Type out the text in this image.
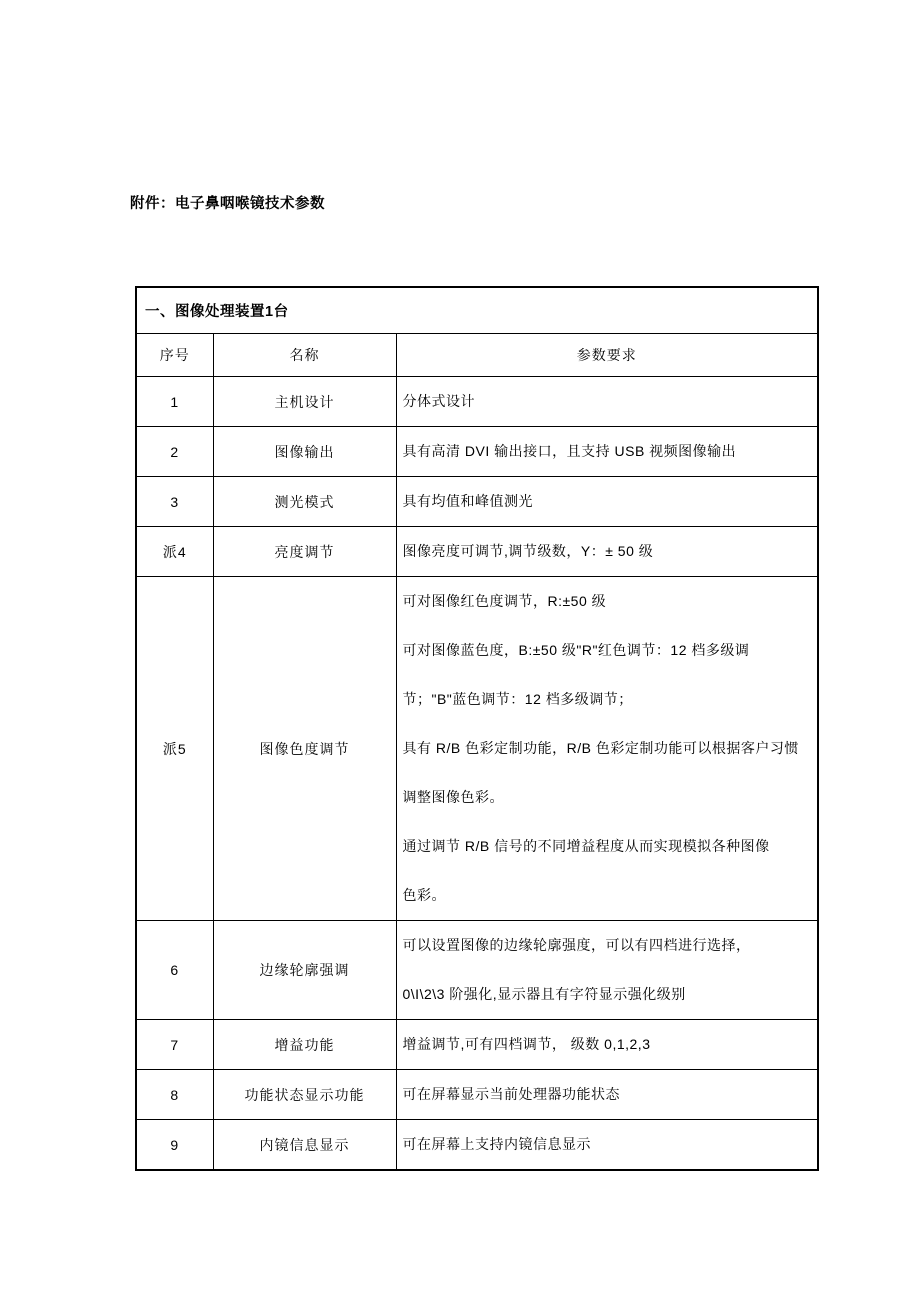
附件：电子鼻咽喉镜技术参数
一、图像处理装置1台		
序号	名称	参数要求
1	主机设计	分体式设计

2	图像输出	具有高清 DVI 输出接口，且支持 USB 视频图像输出

3	测光模式	具有均值和峰值测光

派4	亮度调节	图像亮度可调节,调节级数，Y：± 50 级

派5	图像色度调节	
可对图像红色度调节，R:±50 级
可对图像蓝色度，B:±50 级"R"红色调节：12 档多级调
节；"B"蓝色调节：12 档多级调节；
具有 R/B 色彩定制功能，R/B 色彩定制功能可以根据客户习惯
调整图像色彩。
通过调节 R/B 信号的不同增益程度从而实现模拟各种图像
色彩。

6	边缘轮廓强调	可以设置图像的边缘轮廓强度，可以有四档进行选择，
0\I\2\3 阶强化,显示器且有字符显示强化级别

7	增益功能	增益调节,可有四档调节， 级数 0,1,2,3

8	功能状态显示功能	可在屏幕显示当前处理器功能状态

9	内镜信息显示	可在屏幕上支持内镜信息显示
